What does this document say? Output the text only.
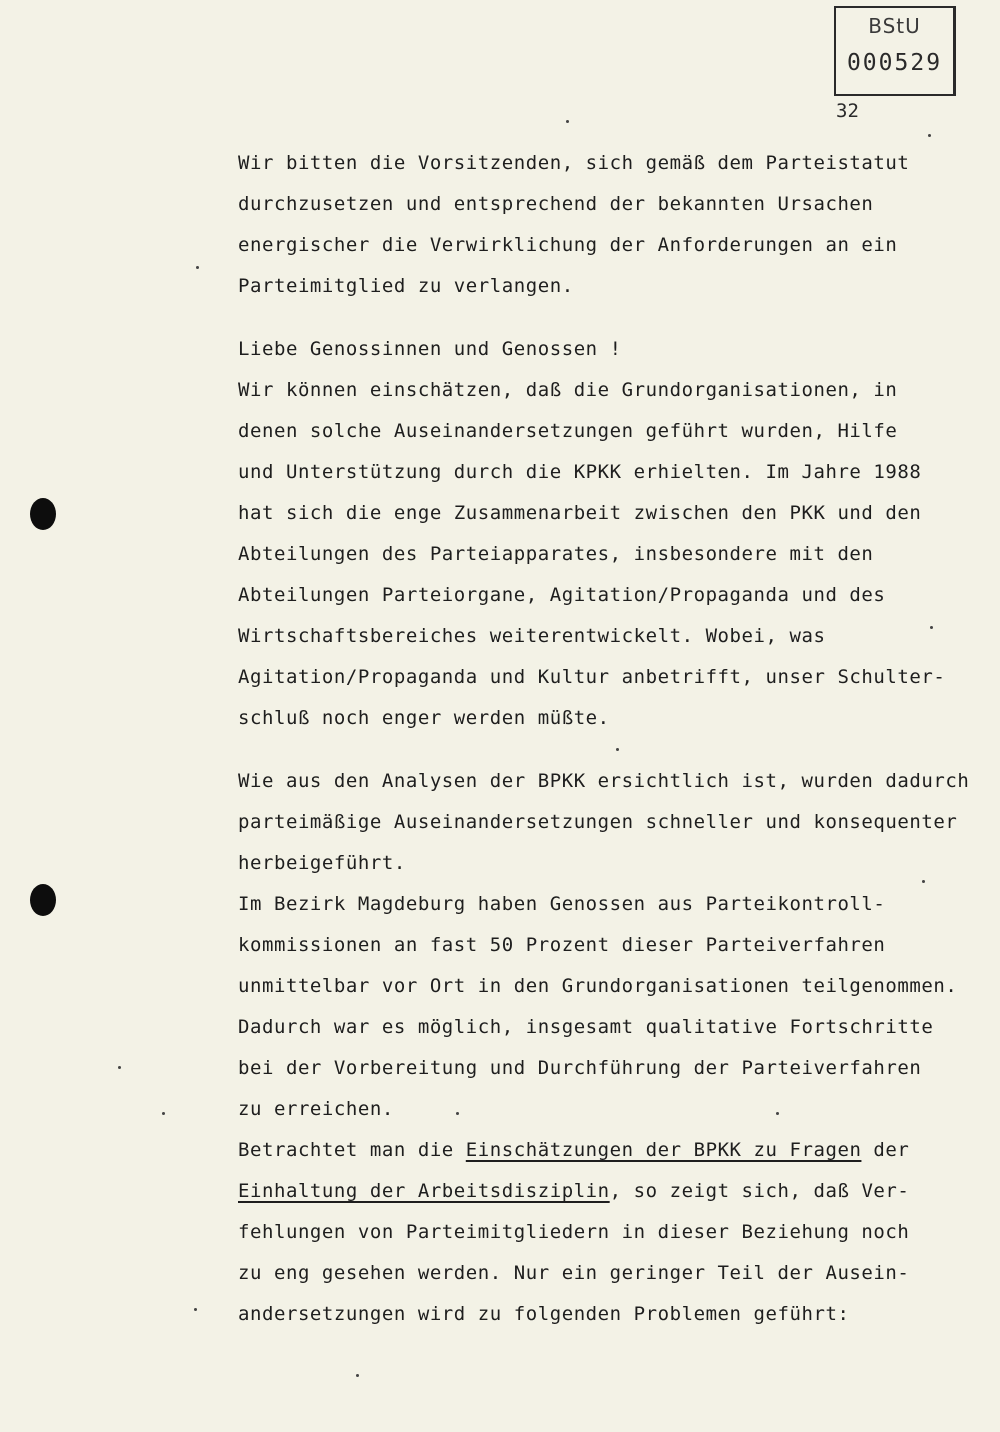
BStU
000529
32
Wir bitten die Vorsitzenden, sich gemäß dem Parteistatut
durchzusetzen und entsprechend der bekannten Ursachen
energischer die Verwirklichung der Anforderungen an ein
Parteimitglied zu verlangen.
Liebe Genossinnen und Genossen !
Wir können einschätzen, daß die Grundorganisationen, in
denen solche Auseinandersetzungen geführt wurden, Hilfe
und Unterstützung durch die KPKK erhielten. Im Jahre 1988
hat sich die enge Zusammenarbeit zwischen den PKK und den
Abteilungen des Parteiapparates, insbesondere mit den
Abteilungen Parteiorgane, Agitation/Propaganda und des
Wirtschaftsbereiches weiterentwickelt. Wobei, was
Agitation/Propaganda und Kultur anbetrifft, unser Schulter-
schluß noch enger werden müßte.
Wie aus den Analysen der BPKK ersichtlich ist, wurden dadurch
parteimäßige Auseinandersetzungen schneller und konsequenter
herbeigeführt.
Im Bezirk Magdeburg haben Genossen aus Parteikontroll-
kommissionen an fast 50 Prozent dieser Parteiverfahren
unmittelbar vor Ort in den Grundorganisationen teilgenommen.
Dadurch war es möglich, insgesamt qualitative Fortschritte
bei der Vorbereitung und Durchführung der Parteiverfahren
zu erreichen.
Betrachtet man die Einschätzungen der BPKK zu Fragen der
Einhaltung der Arbeitsdisziplin, so zeigt sich, daß Ver-
fehlungen von Parteimitgliedern in dieser Beziehung noch
zu eng gesehen werden. Nur ein geringer Teil der Ausein-
andersetzungen wird zu folgenden Problemen geführt:
